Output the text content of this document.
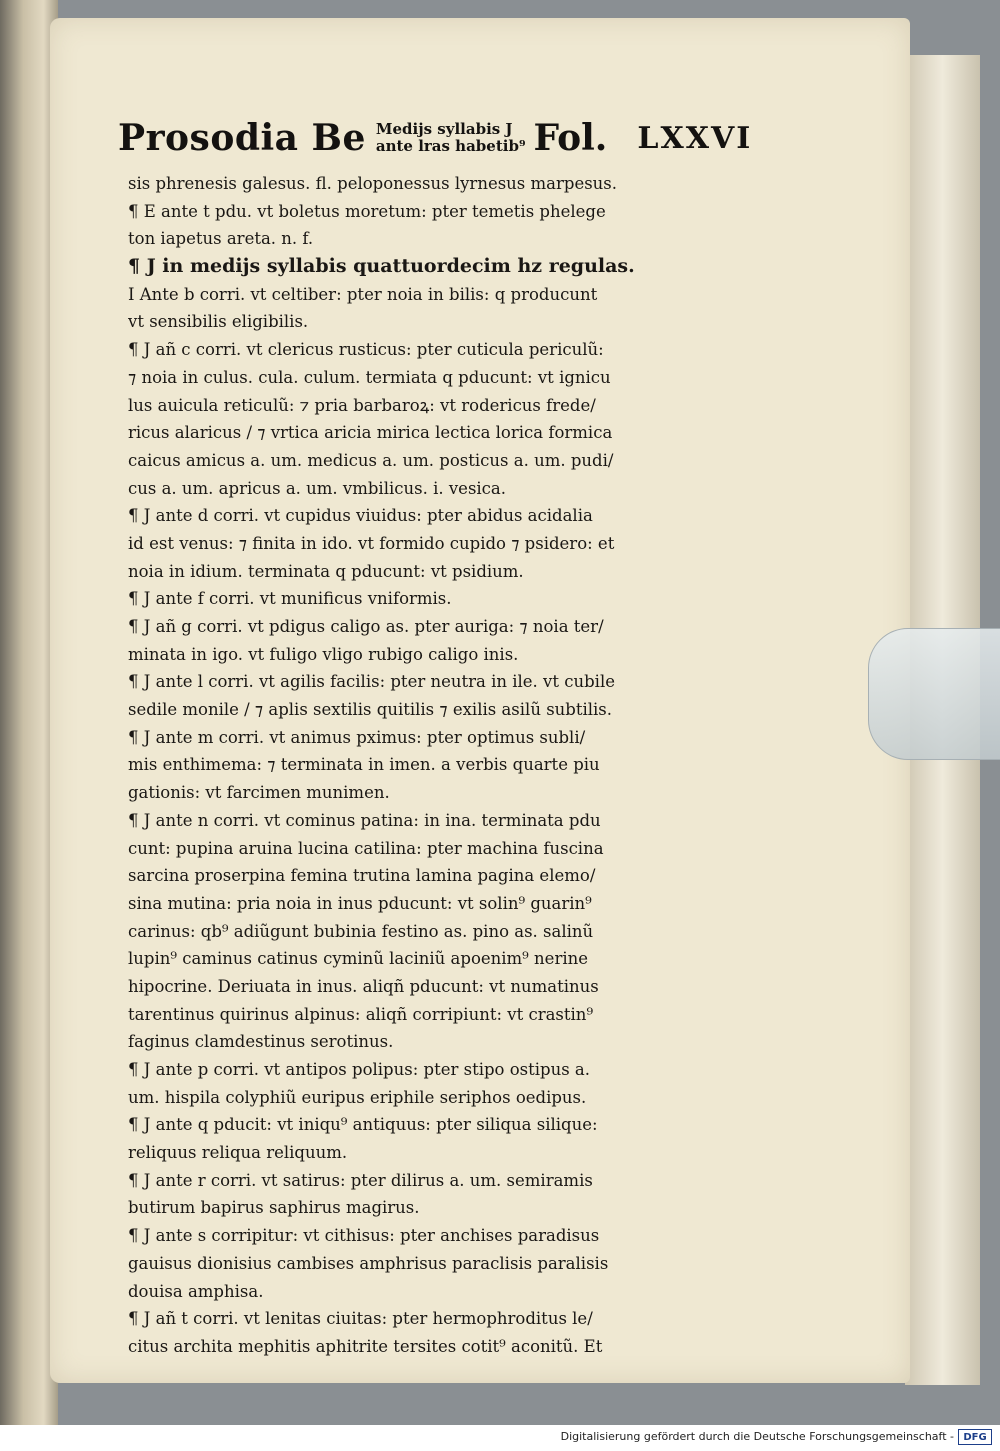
Prosodia Be Medijs syllabis J
ante lras habetib⁹ Fol. LXXVI
sis phrenesis galesus. fl. peloponessus lyrnesus marpesus.
¶ E ante t pdu. vt boletus moretum: pter temetis phelege
ton iapetus areta. n. f.
¶ J in medijs syllabis quattuordecim hz regulas.
I Ante b corri. vt celtiber: pter noia in bilis: q producunt
vt sensibilis eligibilis.
¶ J añ c corri. vt clericus rusticus: pter cuticula periculũ:
⁊ noia in culus. cula. culum. termiata q pducunt: vt ignicu
lus auicula reticulũ: ⁊ pria barbaroꝝ: vt rodericus frede/
ricus alaricus / ⁊ vrtica aricia mirica lectica lorica formica
caicus amicus a. um. medicus a. um. posticus a. um. pudi/
cus a. um. apricus a. um. vmbilicus. i. vesica.
¶ J ante d corri. vt cupidus viuidus: pter abidus acidalia
id est venus: ⁊ finita in ido. vt formido cupido ⁊ psidero: et
noia in idium. terminata q pducunt: vt psidium.
¶ J ante f corri. vt munificus vniformis.
¶ J añ g corri. vt pdigus caligo as. pter auriga: ⁊ noia ter/
minata in igo. vt fuligo vligo rubigo caligo inis.
¶ J ante l corri. vt agilis facilis: pter neutra in ile. vt cubile
sedile monile / ⁊ aplis sextilis quitilis ⁊ exilis asilũ subtilis.
¶ J ante m corri. vt animus pximus: pter optimus subli/
mis enthimema: ⁊ terminata in imen. a verbis quarte piu
gationis: vt farcimen munimen.
¶ J ante n corri. vt cominus patina: in ina. terminata pdu
cunt: pupina aruina lucina catilina: pter machina fuscina
sarcina proserpina femina trutina lamina pagina elemo/
sina mutina: pria noia in inus pducunt: vt solin⁹ guarin⁹
carinus: qb⁹ adiũgunt bubinia festino as. pino as. salinũ
lupin⁹ caminus catinus cyminũ laciniũ apoenim⁹ nerine
hipocrine. Deriuata in inus. aliqñ pducunt: vt numatinus
tarentinus quirinus alpinus: aliqñ corripiunt: vt crastin⁹
faginus clamdestinus serotinus.
¶ J ante p corri. vt antipos polipus: pter stipo ostipus a.
um. hispila colyphiũ euripus eriphile seriphos oedipus.
¶ J ante q pducit: vt iniqu⁹ antiquus: pter siliqua silique:
reliquus reliqua reliquum.
¶ J ante r corri. vt satirus: pter dilirus a. um. semiramis
butirum bapirus saphirus magirus.
¶ J ante s corripitur: vt cithisus: pter anchises paradisus
gauisus dionisius cambises amphrisus paraclisis paralisis
douisa amphisa.
¶ J añ t corri. vt lenitas ciuitas: pter hermophroditus le/
citus archita mephitis aphitrite tersites cotit⁹ aconitũ. Et
Digitalisierung gefördert durch die Deutsche Forschungsgemeinschaft - DFG
